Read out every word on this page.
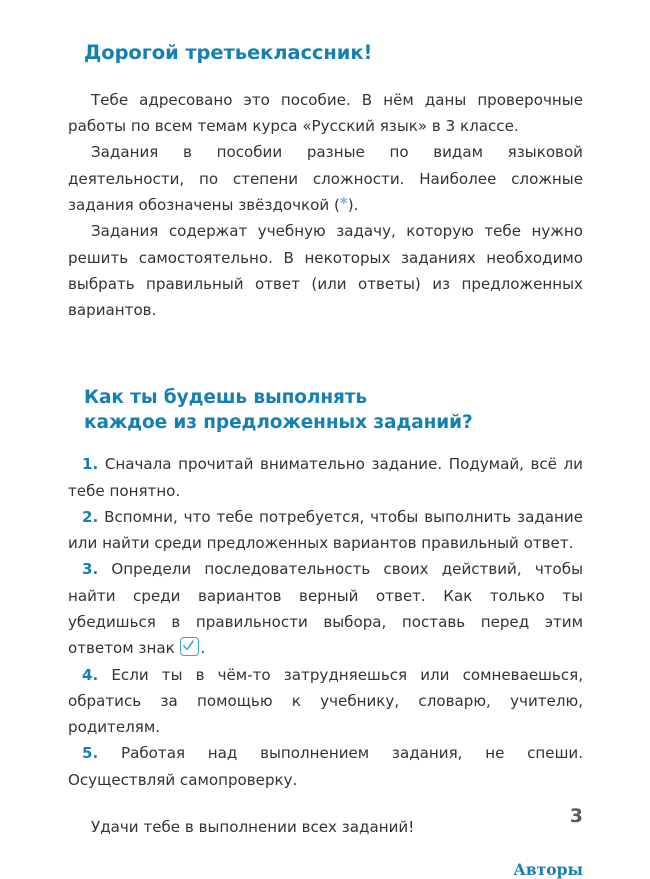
Дорогой третьеклассник!

Тебе адресовано это пособие. В нём даны проверочные работы по всем темам курса «Русский язык» в 3 классе.

Задания в пособии разные по видам языковой деятельности, по степени сложности. Наиболее сложные задания обозначены звёздочкой (*).

Задания содержат учебную задачу, которую тебе нужно решить самостоятельно. В некоторых заданиях необходимо выбрать правильный ответ (или ответы) из предложенных вариантов.

Как ты будешь выполнять
каждое из предложенных заданий?
1. Сначала прочитай внимательно задание. Подумай, всё ли тебе понятно.
2. Вспомни, что тебе потребуется, чтобы выполнить задание или найти среди предложенных вариантов правильный ответ.
3. Определи последовательность своих действий, чтобы найти среди вариантов верный ответ. Как только ты убедишься в правильности выбора, поставь перед этим ответом знак
.
4. Если ты в чём-то затрудняешься или сомневаешься, обратись за помощью к учебнику, словарю, учителю, родителям.
5. Работая над выполнением задания, не спеши. Осуществляй самопроверку.

Удачи тебе в выполнении всех заданий!

Авторы

3
